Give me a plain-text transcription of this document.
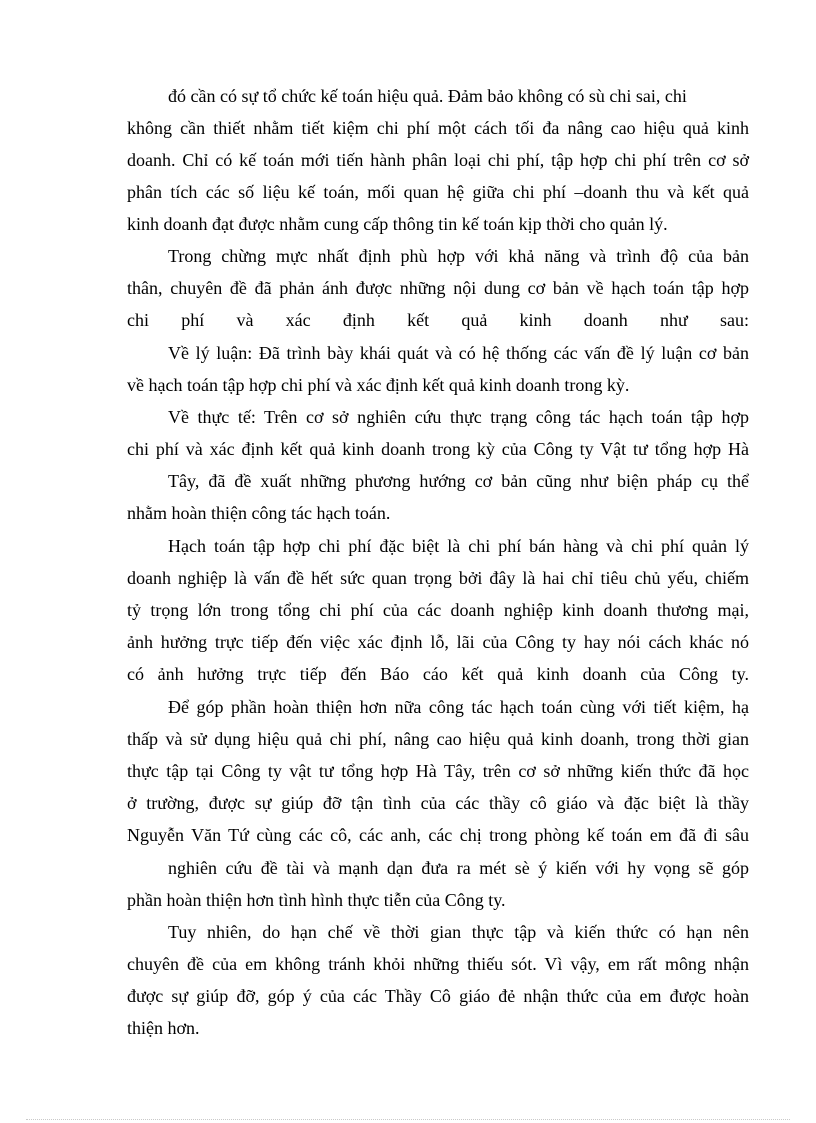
đó cần có sự tổ chức kế toán hiệu quả. Đảm bảo không có sù chi sai, chi
không cần thiết nhằm tiết kiệm chi phí một cách tối đa nâng cao hiệu quả kinh
doanh. Chỉ có kế toán mới tiến hành phân loại chi phí, tập hợp chi phí trên cơ sở
phân tích các số liệu kế toán, mối quan hệ giữa chi phí –doanh thu và kết quả
kinh doanh đạt được nhằm cung cấp thông tin kế toán kịp thời cho quản lý.
Trong chừng mực nhất định phù hợp với khả năng và trình độ của bản
thân, chuyên đề đã phản ánh được những nội dung cơ bản về hạch toán tập hợp
chi phí và xác định kết quả kinh doanh như sau:
Về lý luận: Đã trình bày khái quát và có hệ thống các vấn đề lý luận cơ bản
về hạch toán tập hợp chi phí và xác định kết quả kinh doanh trong kỳ.
Về thực tế: Trên cơ sở nghiên cứu thực trạng công tác hạch toán tập hợp
chi phí và xác định kết quả kinh doanh trong kỳ của Công ty Vật tư tổng hợp Hà
Tây, đã đề xuất những phương hướng cơ bản cũng như biện pháp cụ thể
nhằm hoàn thiện công tác hạch toán.
Hạch toán tập hợp chi phí đặc biệt là chi phí bán hàng và chi phí quản lý
doanh nghiệp là vấn đề hết sức quan trọng bởi đây là hai chỉ tiêu chủ yếu, chiếm
tỷ trọng lớn trong tổng chi phí của các doanh nghiệp kinh doanh thương mại,
ảnh hưởng trực tiếp đến việc xác định lỗ, lãi của Công ty hay nói cách khác nó
có ảnh hưởng trực tiếp đến Báo cáo kết quả kinh doanh của Công ty.
Để góp phần hoàn thiện hơn nữa công tác hạch toán cùng với tiết kiệm, hạ
thấp và sử dụng hiệu quả chi phí, nâng cao hiệu quả kinh doanh, trong thời gian
thực tập tại Công ty vật tư tổng hợp Hà Tây, trên cơ sở những kiến thức đã học
ở trường, được sự giúp đỡ tận tình của các thầy cô giáo và đặc biệt là thầy
Nguyễn Văn Tứ cùng các cô, các anh, các chị trong phòng kế toán em đã đi sâu
nghiên cứu đề tài và mạnh dạn đưa ra mét sè ý kiến với hy vọng sẽ góp
phần hoàn thiện hơn tình hình thực tiễn của Công ty.
Tuy nhiên, do hạn chế về thời gian thực tập và kiến thức có hạn nên
chuyên đề của em không tránh khỏi những thiếu sót. Vì vậy, em rất mông nhận
được sự giúp đỡ, góp ý của các Thầy Cô giáo đẻ nhận thức của em được hoàn
thiện hơn.
